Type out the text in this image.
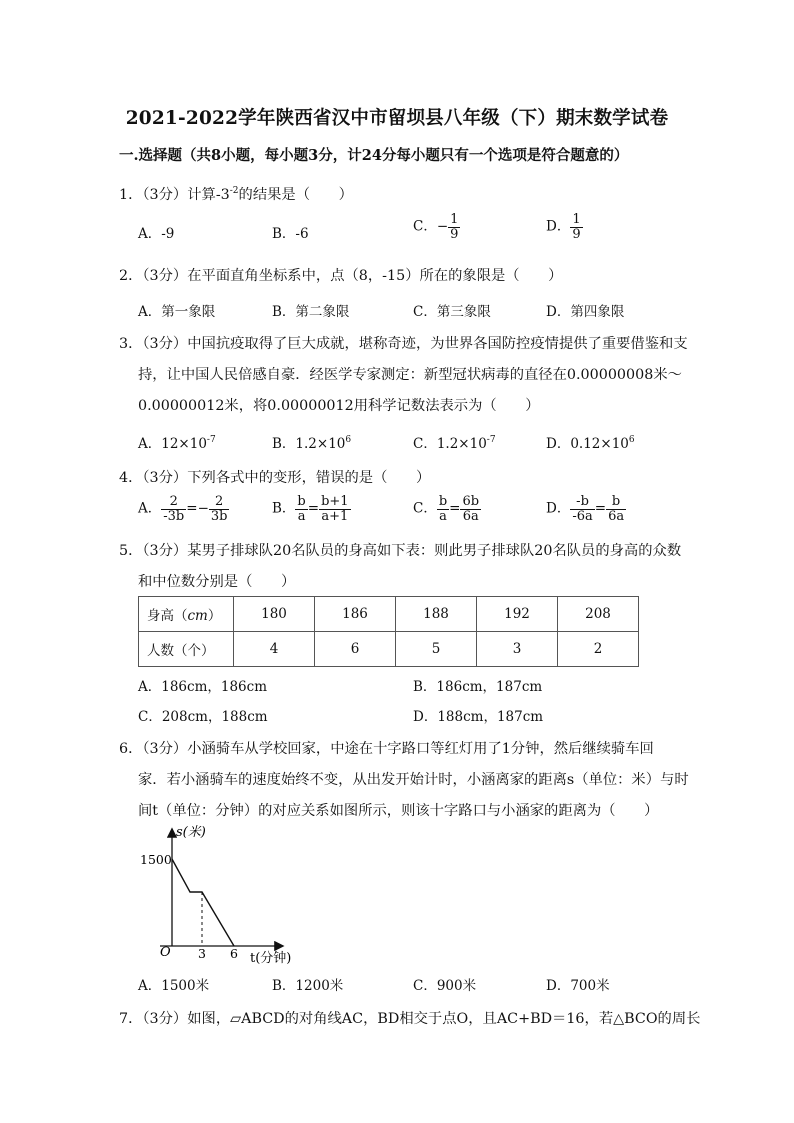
2021-2022学年陕西省汉中市留坝县八年级（下）期末数学试卷
一.选择题（共8小题，每小题3分，计24分每小题只有一个选项是符合题意的）
1．（3分）计算$-3^{-2}$的结果是（　　）
A．-9	B．-6	C．− $\frac{1}{9}$	D． $\frac{1}{9}$
2．（3分）在平面直角坐标系中，点（8，-15）所在的象限是（　　）
A．第一象限	B．第二象限	C．第三象限	D．第四象限
3．（3分）中国抗疫取得了巨大成就，堪称奇迹，为世界各国防控疫情提供了重要借鉴和支
持，让中国人民倍感自豪．经医学专家测定：新型冠状病毒的直径在0.00000008米～
0.00000012米，将0.00000012用科学记数法表示为（　　）
A．$12\times 10^{-7}$	B．$1.2\times 10^6$	C．$1.2\times 10^{-7}$	D．$0.12\times 10^6$
4．（3分）下列各式中的变形，错误的是（　　）
A． $\frac{2}{-3b} =- \frac{2}{3b}$	B． $\frac{b}{a} = \frac{b+1}{a+1}$	C． $\frac{b}{a} = \frac{6b}{6a}$	D． $\frac{-b}{-6a} = \frac{b}{6a}$
5．（3分）某男子排球队20名队员的身高如下表：则此男子排球队20名队员的身高的众数
和中位数分别是（　　）
身高（cm）	180	186	188	192	208
人数（个）	4	6	5	3	2
A．186cm，186cm	B．186cm，187cm
C．208cm，188cm	D．188cm，187cm
6．（3分）小涵骑车从学校回家，中途在十字路口等红灯用了1分钟，然后继续骑车回
家．若小涵骑车的速度始终不变，从出发开始计时，小涵离家的距离s（单位：米）与时
间t（单位：分钟）的对应关系如图所示，则该十字路口与小涵家的距离为（　　）
s(米)
1500
O 3 6 t(分钟)
A．1500米	B．1200米	C．900米	D．700米
7．（3分）如图，▱ABCD的对角线AC，BD相交于点O，且AC+BD＝16，若△BCO的周长
